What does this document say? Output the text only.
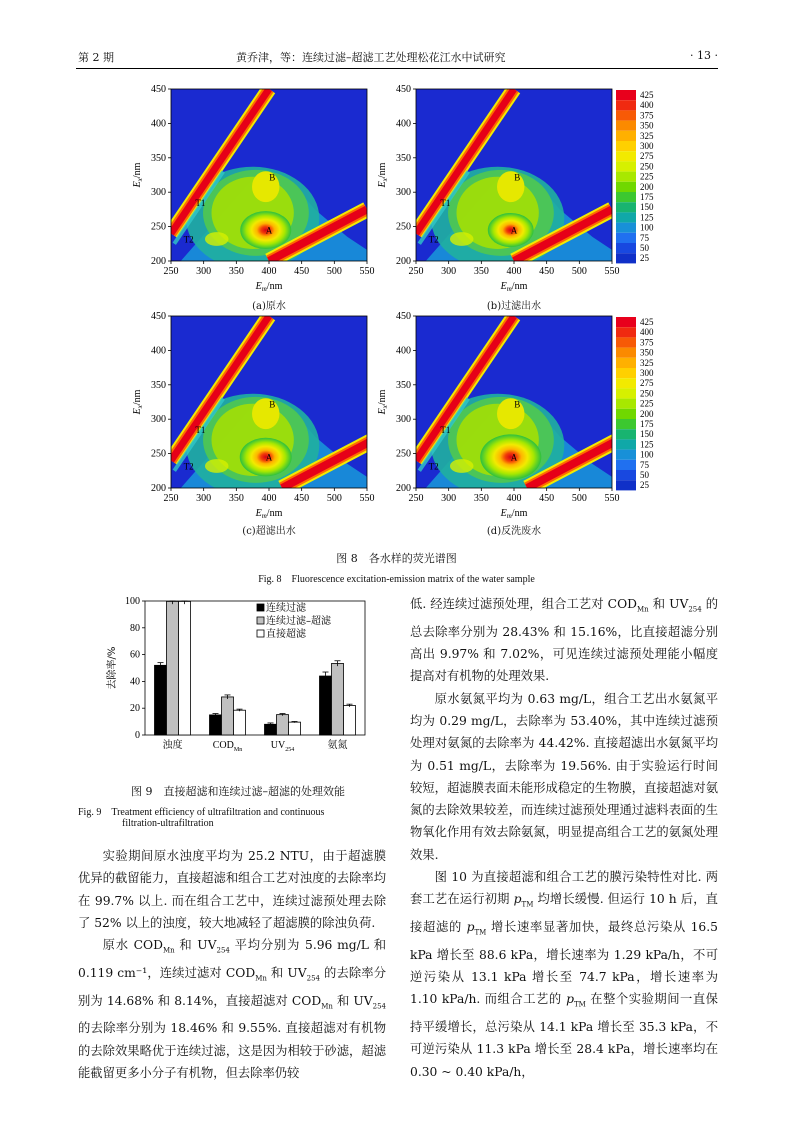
第 2 期	黄乔津，等：连续过滤–超滤工艺处理松花江水中试研究	· 13 ·
A
B
T1
T2
250 300 350 400 450 500 550
200
250
300
350
400
450
$E_m/nm$
$E_x/nm$
(a)原水
A
B
T1
T2
250 300 350 400 450 500 550
200
250
300
350
400
450
$E_m/nm$
$E_x/nm$
(b)过滤出水
A
B
T1
T2
250 300 350 400 450 500 550
200
250
300
350
400
450
$E_m/nm$
$E_x/nm$
(c)超滤出水
A
B
T1
T2
250 300 350 400 450 500 550
200
250
300
350
400
450
$E_m/nm$
$E_x/nm$
(d)反洗废水
425
400
375
350
325
300
275
250
225
200
175
150
125
100
75
50
25
425
400
375
350
325
300
275
250
225
200
175
150
125
100
75
50
25
图 8　各水样的荧光谱图
Fig. 8　Fluorescence excitation-emission matrix of the water sample
0
20
40
60
80
100
去除率/%
浊度	$COD_{Mn}$	$UV_{254}$	氨氮
连续过滤
连续过滤–超滤
直接超滤
图 9　直接超滤和连续过滤–超滤的处理效能
Fig. 9　Treatment efficiency of ultrafiltration and continuous
filtration-ultrafiltration

实验期间原水浊度平均为 25.2 NTU，由于超滤膜优异的截留能力，直接超滤和组合工艺对浊度的去除率均在 99.7% 以上. 而在组合工艺中，连续过滤预处理去除了 52% 以上的浊度，较大地减轻了超滤膜的除浊负荷.

原水 $COD_{Mn}$ 和 $UV_{254}$ 平均分别为 5.96 mg/L 和 0.119 cm⁻¹，连续过滤对 $COD_{Mn}$ 和 $UV_{254}$ 的去除率分别为 14.68% 和 8.14%，直接超滤对 $COD_{Mn}$ 和 $UV_{254}$ 的去除率分别为 18.46% 和 9.55%. 直接超滤对有机物的去除效果略优于连续过滤，这是因为相较于砂滤，超滤能截留更多小分子有机物，但去除率仍较

低. 经连续过滤预处理，组合工艺对 $COD_{Mn}$ 和 $UV_{254}$ 的总去除率分别为 28.43% 和 15.16%，比直接超滤分别高出 9.97% 和 7.02%，可见连续过滤预处理能小幅度提高对有机物的处理效果.

原水氨氮平均为 0.63 mg/L，组合工艺出水氨氮平均为 0.29 mg/L，去除率为 53.40%，其中连续过滤预处理对氨氮的去除率为 44.42%. 直接超滤出水氨氮平均为 0.51 mg/L，去除率为 19.56%. 由于实验运行时间较短，超滤膜表面未能形成稳定的生物膜，直接超滤对氨氮的去除效果较差，而连续过滤预处理通过滤料表面的生物氧化作用有效去除氨氮，明显提高组合工艺的氨氮处理效果.

图 10 为直接超滤和组合工艺的膜污染特性对比. 两套工艺在运行初期 $p_{TM}$ 均增长缓慢. 但运行 10 h 后，直接超滤的 $p_{TM}$ 增长速率显著加快，最终总污染从 16.5 kPa 增长至 88.6 kPa，增长速率为 1.29 kPa/h，不可逆污染从 13.1 kPa 增长至 74.7 kPa，增长速率为 1.10 kPa/h. 而组合工艺的 $p_{TM}$ 在整个实验期间一直保持平缓增长，总污染从 14.1 kPa 增长至 35.3 kPa，不可逆污染从 11.3 kPa 增长至 28.4 kPa，增长速率均在 0.30 ~ 0.40 kPa/h，
